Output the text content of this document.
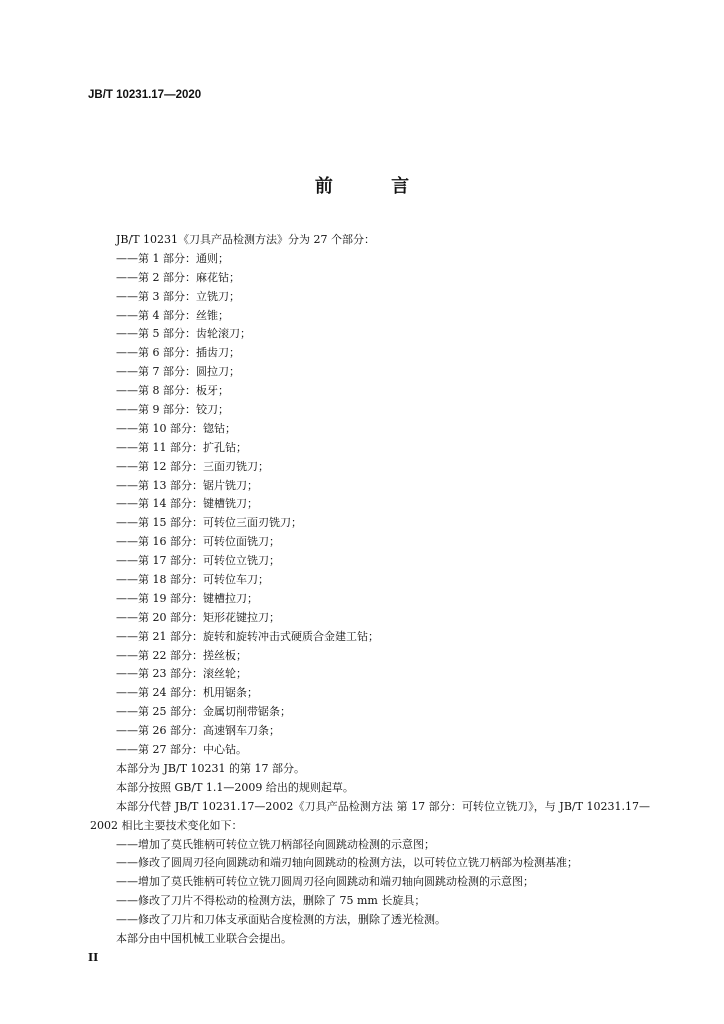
JB/T 10231.17—2020
前 言
JB/T 10231《刀具产品检测方法》分为 27 个部分：
——第 1 部分：通则；
——第 2 部分：麻花钻；
——第 3 部分：立铣刀；
——第 4 部分：丝锥；
——第 5 部分：齿轮滚刀；
——第 6 部分：插齿刀；
——第 7 部分：圆拉刀；
——第 8 部分：板牙；
——第 9 部分：铰刀；
——第 10 部分：锪钻；
——第 11 部分：扩孔钻；
——第 12 部分：三面刃铣刀；
——第 13 部分：锯片铣刀；
——第 14 部分：键槽铣刀；
——第 15 部分：可转位三面刃铣刀；
——第 16 部分：可转位面铣刀；
——第 17 部分：可转位立铣刀；
——第 18 部分：可转位车刀；
——第 19 部分：键槽拉刀；
——第 20 部分：矩形花键拉刀；
——第 21 部分：旋转和旋转冲击式硬质合金建工钻；
——第 22 部分：搓丝板；
——第 23 部分：滚丝轮；
——第 24 部分：机用锯条；
——第 25 部分：金属切削带锯条；
——第 26 部分：高速钢车刀条；
——第 27 部分：中心钻。
本部分为 JB/T 10231 的第 17 部分。
本部分按照 GB/T 1.1—2009 给出的规则起草。
本部分代替 JB/T 10231.17—2002《刀具产品检测方法 第 17 部分：可转位立铣刀》，与 JB/T 10231.17—2002 相比主要技术变化如下：
——增加了莫氏锥柄可转位立铣刀柄部径向圆跳动检测的示意图；
——修改了圆周刃径向圆跳动和端刃轴向圆跳动的检测方法，以可转位立铣刀柄部为检测基准；
——增加了莫氏锥柄可转位立铣刀圆周刃径向圆跳动和端刃轴向圆跳动检测的示意图；
——修改了刀片不得松动的检测方法，删除了 75 mm 长旋具；
——修改了刀片和刀体支承面贴合度检测的方法，删除了透光检测。
本部分由中国机械工业联合会提出。
II
